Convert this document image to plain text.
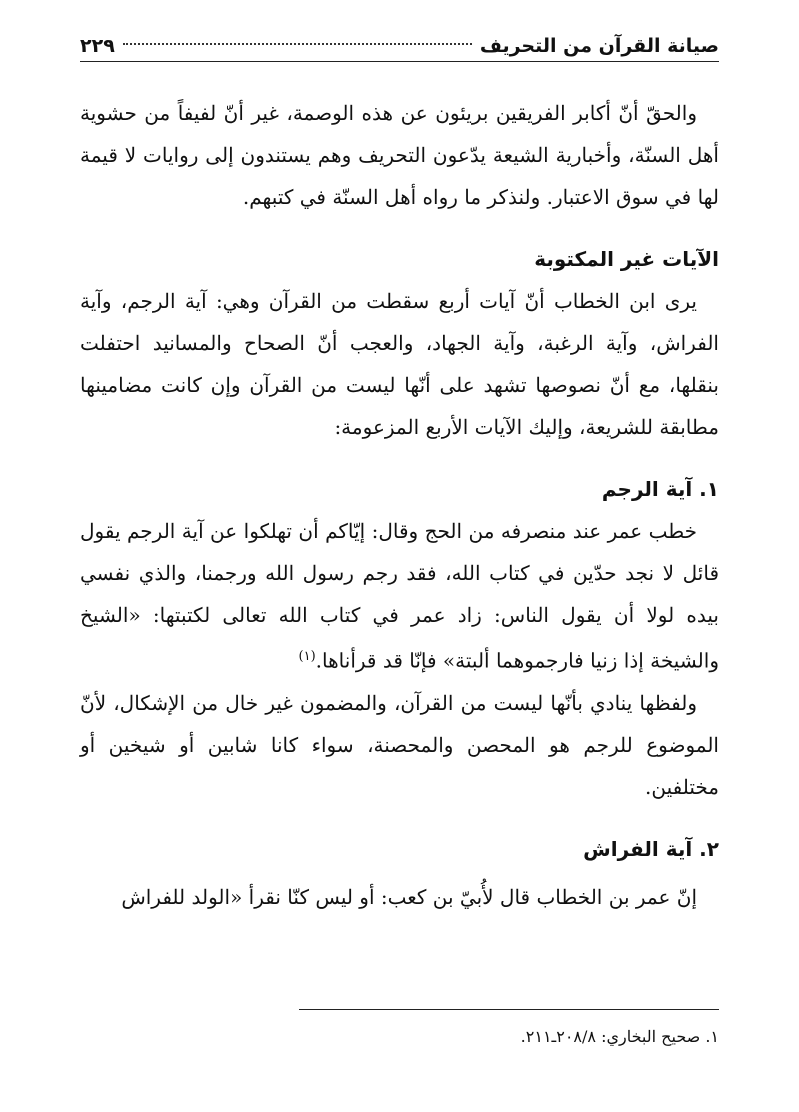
صيانة القرآن من التحريف
٢٢٩

والحقّ أنّ أكابر الفريقين بريئون عن هذه الوصمة، غير أنّ لفيفاً من حشوية أهل السنّة، وأخبارية الشيعة يدّعون التحريف وهم يستندون إلى روايات لا قيمة لها في سوق الاعتبار. ولنذكر ما رواه أهل السنّة في كتبهم.

الآيات غير المكتوبة

يرى ابن الخطاب أنّ آيات أربع سقطت من القرآن وهي: آية الرجم، وآية الفراش، وآية الرغبة، وآية الجهاد، والعجب أنّ الصحاح والمسانيد احتفلت بنقلها، مع أنّ نصوصها تشهد على أنّها ليست من القرآن وإن كانت مضامينها مطابقة للشريعة، وإليك الآيات الأربع المزعومة:

١. آية الرجم

خطب عمر عند منصرفه من الحج وقال: إيّاكم أن تهلكوا عن آية الرجم يقول قائل لا نجد حدّين في كتاب الله، فقد رجم رسول الله ورجمنا، والذي نفسي بيده لولا أن يقول الناس: زاد عمر في كتاب الله تعالى لكتبتها: «الشيخ والشيخة إذا زنيا فارجموهما ألبتة» فإنّا قد قرأناها.$^{(١)}$

ولفظها ينادي بأنّها ليست من القرآن، والمضمون غير خال من الإشكال، لأنّ الموضوع للرجم هو المحصن والمحصنة، سواء كانا شابين أو شيخين أو مختلفين.

٢. آية الفراش

إنّ عمر بن الخطاب قال لأُبيّ بن كعب: أو ليس كنّا نقرأ «الولد للفراش

١. صحيح البخاري: ٢٠٨/٨ـ٢١١.
